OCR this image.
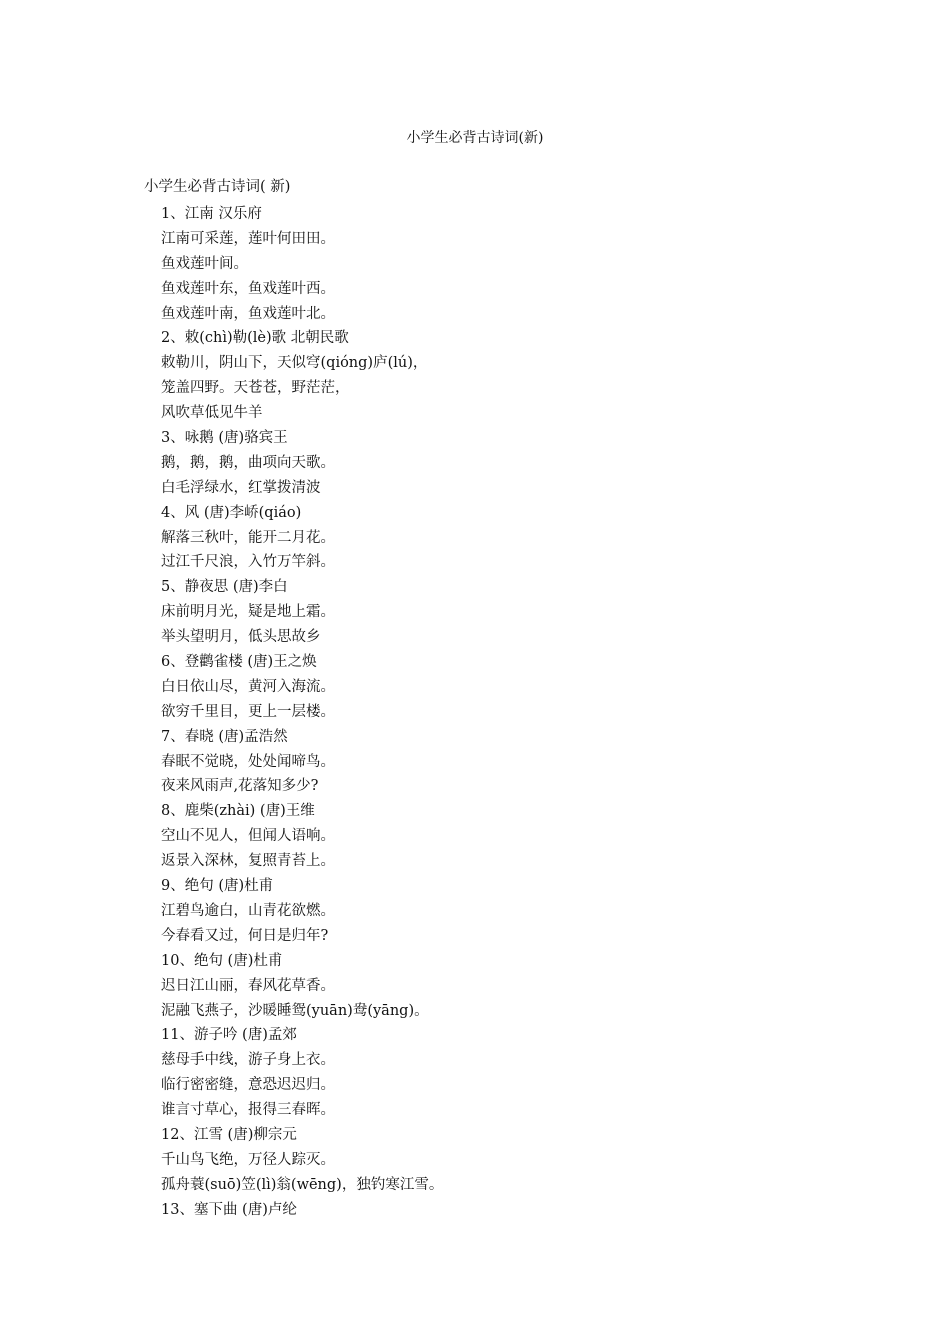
小学生必背古诗词(新)
小学生必背古诗词( 新)
1、江南 汉乐府
江南可采莲，莲叶何田田。
鱼戏莲叶间。
鱼戏莲叶东，鱼戏莲叶西。
鱼戏莲叶南，鱼戏莲叶北。
2、敕(chì)勒(lè)歌 北朝民歌
敕勒川，阴山下，天似穹(qióng)庐(lú)，
笼盖四野。天苍苍，野茫茫，
风吹草低见牛羊
3、咏鹅 (唐)骆宾王
鹅，鹅，鹅，曲项向天歌。
白毛浮绿水，红掌拨清波
4、风 (唐)李峤(qiáo)
解落三秋叶，能开二月花。
过江千尺浪，入竹万竿斜。
5、静夜思 (唐)李白
床前明月光，疑是地上霜。
举头望明月，低头思故乡
6、登鹳雀楼 (唐)王之焕
白日依山尽，黄河入海流。
欲穷千里目，更上一层楼。
7、春晓 (唐)孟浩然
春眠不觉晓，处处闻啼鸟。
夜来风雨声,花落知多少?
8、鹿柴(zhài) (唐)王维
空山不见人，但闻人语响。
返景入深林，复照青苔上。
9、绝句 (唐)杜甫
江碧鸟逾白，山青花欲燃。
今春看又过，何日是归年?
10、绝句 (唐)杜甫
迟日江山丽，春风花草香。
泥融飞燕子，沙暖睡鸳(yuān)鸯(yāng)。
11、游子吟 (唐)孟郊
慈母手中线，游子身上衣。
临行密密缝，意恐迟迟归。
谁言寸草心，报得三春晖。
12、江雪 (唐)柳宗元
千山鸟飞绝，万径人踪灭。
孤舟蓑(suō)笠(lì)翁(wēng)，独钓寒江雪。
13、塞下曲 (唐)卢纶
